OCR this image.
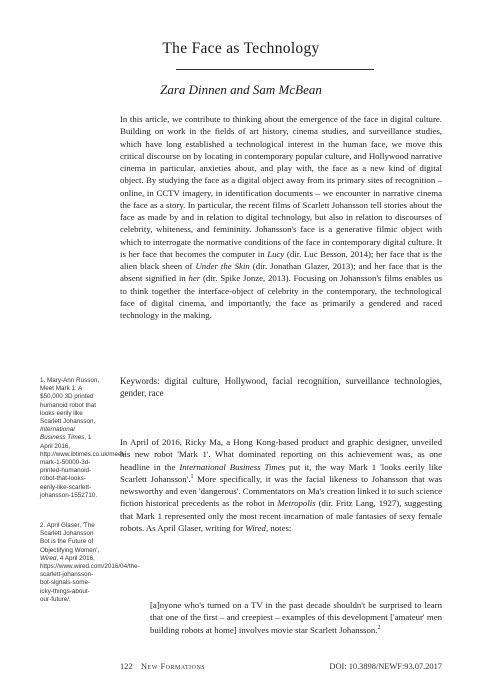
The Face as Technology
Zara Dinnen and Sam McBean
In this article, we contribute to thinking about the emergence of the face in digital culture. Building on work in the fields of art history, cinema studies, and surveillance studies, which have long established a technological interest in the human face, we move this critical discourse on by locating in contemporary popular culture, and Hollywood narrative cinema in particular, anxieties about, and play with, the face as a new kind of digital object. By studying the face as a digital object away from its primary sites of recognition – online, in CCTV imagery, in identification documents – we encounter in narrative cinema the face as a story. In particular, the recent films of Scarlett Johansson tell stories about the face as made by and in relation to digital technology, but also in relation to discourses of celebrity, whiteness, and femininity. Johansson's face is a generative filmic object with which to interrogate the normative conditions of the face in contemporary digital culture. It is her face that becomes the computer in Lucy (dir. Luc Besson, 2014); her face that is the alien black sheen of Under the Skin (dir. Jonathan Glazer, 2013); and her face that is the absent signified in her (dir. Spike Jonze, 2013). Focusing on Johansson's films enables us to think together the interface-object of celebrity in the contemporary, the technological face of digital cinema, and importantly, the face as primarily a gendered and raced technology in the making.
Keywords: digital culture, Hollywood, facial recognition, surveillance technologies, gender, race
In April of 2016, Ricky Ma, a Hong Kong-based product and graphic designer, unveiled his new robot 'Mark 1'. What dominated reporting on this achievement was, as one headline in the International Business Times put it, the way Mark 1 'looks eerily like Scarlett Johansson'.$^1$ More specifically, it was the facial likeness to Johansson that was newsworthy and even 'dangerous'. Commentators on Ma's creation linked it to such science fiction historical precedents as the robot in Metropolis (dir. Fritz Lang, 1927), suggesting that Mark 1 represented only the most recent incarnation of male fantasies of sexy female robots. As April Glaser, writing for Wired, notes:
[a]nyone who's turned on a TV in the past decade shouldn't be surprised to learn that one of the first – and creepiest – examples of this development ['amateur' men building robots at home] involves movie star Scarlett Johansson.$^2$
1. Mary-Ann Russon, Meet Mark 1: A $50,000 3D printed humanoid robot that looks eerily like Scarlett Johansson, International Business Times, 1 April 2016, http://www.ibtimes.co.uk/meet-mark-1-50000-3d-printed-humanoid-robot-that-looks-eerily-like-scarlett-johansson-1552710.
2. April Glaser, 'The Scarlett Johansson Bot is the Future of Objectifying Women', Wired, 4 April 2016, https://www.wired.com/2016/04/the-scarlett-johansson-bot-signals-some-icky-things-about-our-future/.
122 New Formations	DOI: 10.3898/NEWF:93.07.2017
